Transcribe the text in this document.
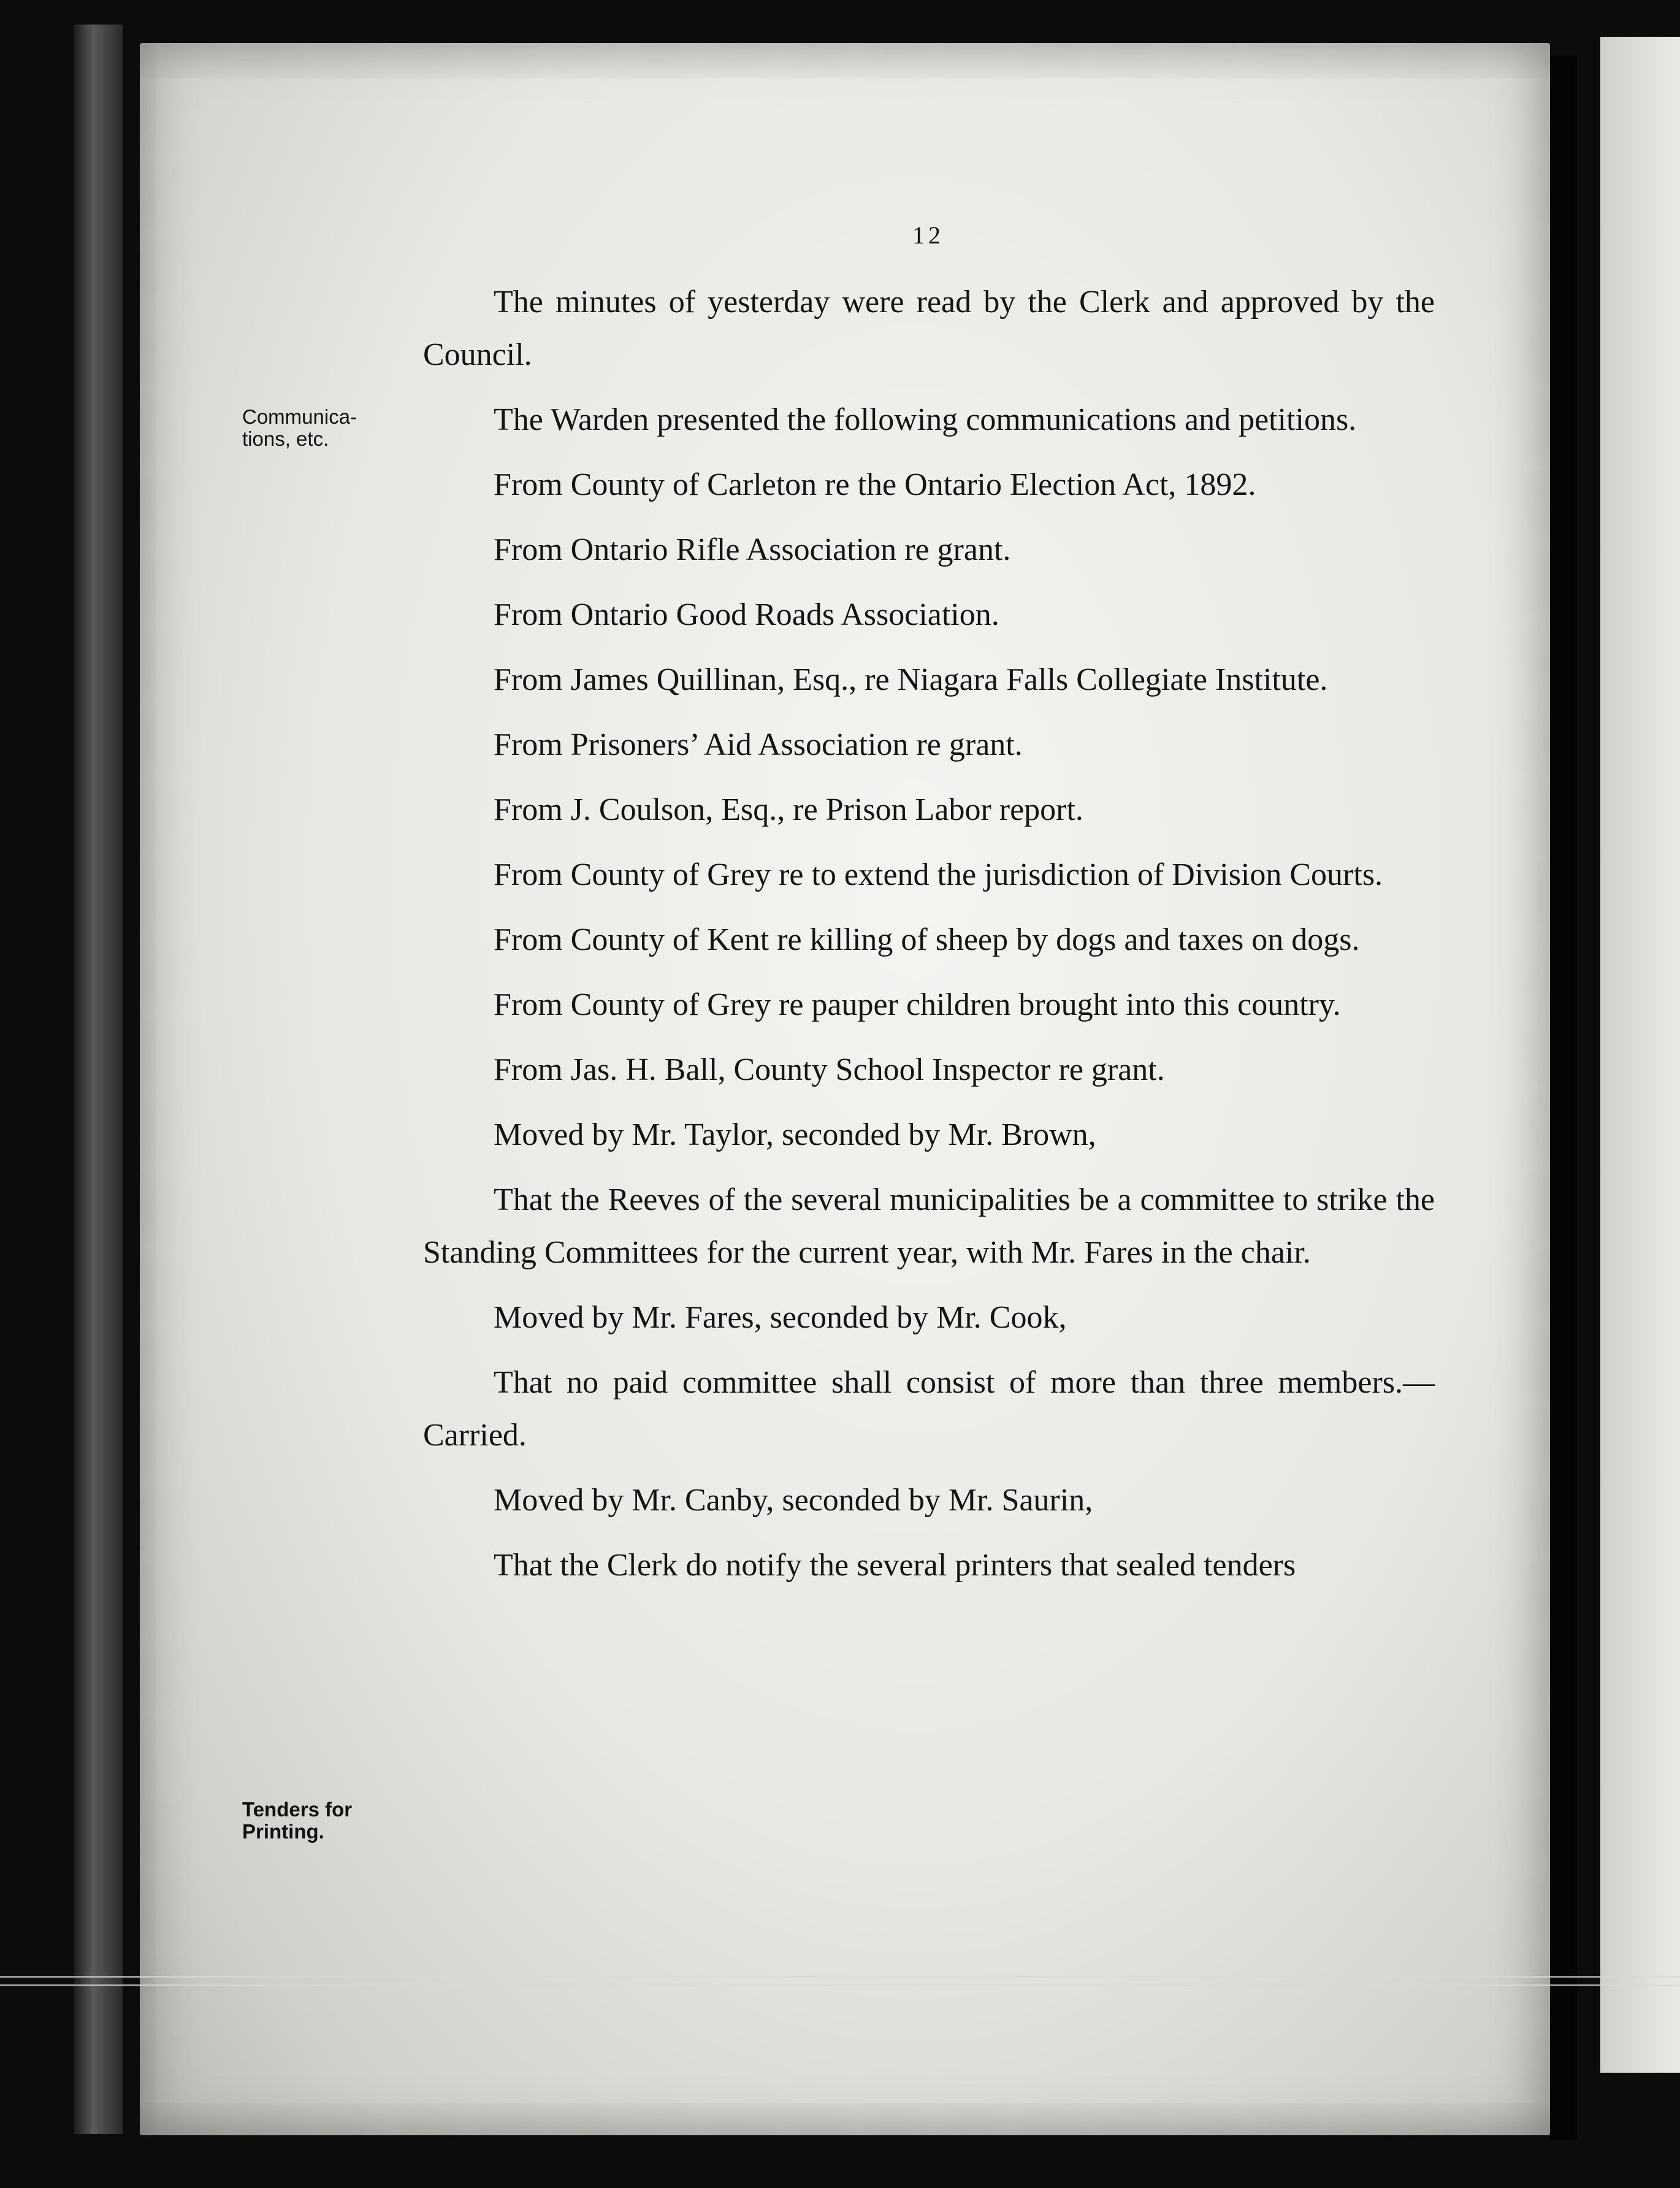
12
Communica-tions, etc.
Tenders for Printing.

The minutes of yesterday were read by the Clerk and approved by the Council.

The Warden presented the following communications and petitions.

From County of Carleton re the Ontario Election Act, 1892.

From Ontario Rifle Association re grant.

From Ontario Good Roads Association.

From James Quillinan, Esq., re Niagara Falls Collegiate Institute.

From Prisoners’ Aid Association re grant.

From J. Coulson, Esq., re Prison Labor report.

From County of Grey re to extend the jurisdiction of Division Courts.

From County of Kent re killing of sheep by dogs and taxes on dogs.

From County of Grey re pauper children brought into this country.

From Jas. H. Ball, County School Inspector re grant.

Moved by Mr. Taylor, seconded by Mr. Brown,

That the Reeves of the several municipalities be a committee to strike the Standing Committees for the current year, with Mr. Fares in the chair.

Moved by Mr. Fares, seconded by Mr. Cook,

That no paid committee shall consist of more than three members.—Carried.

Moved by Mr. Canby, seconded by Mr. Saurin,

That the Clerk do notify the several printers that sealed tenders
